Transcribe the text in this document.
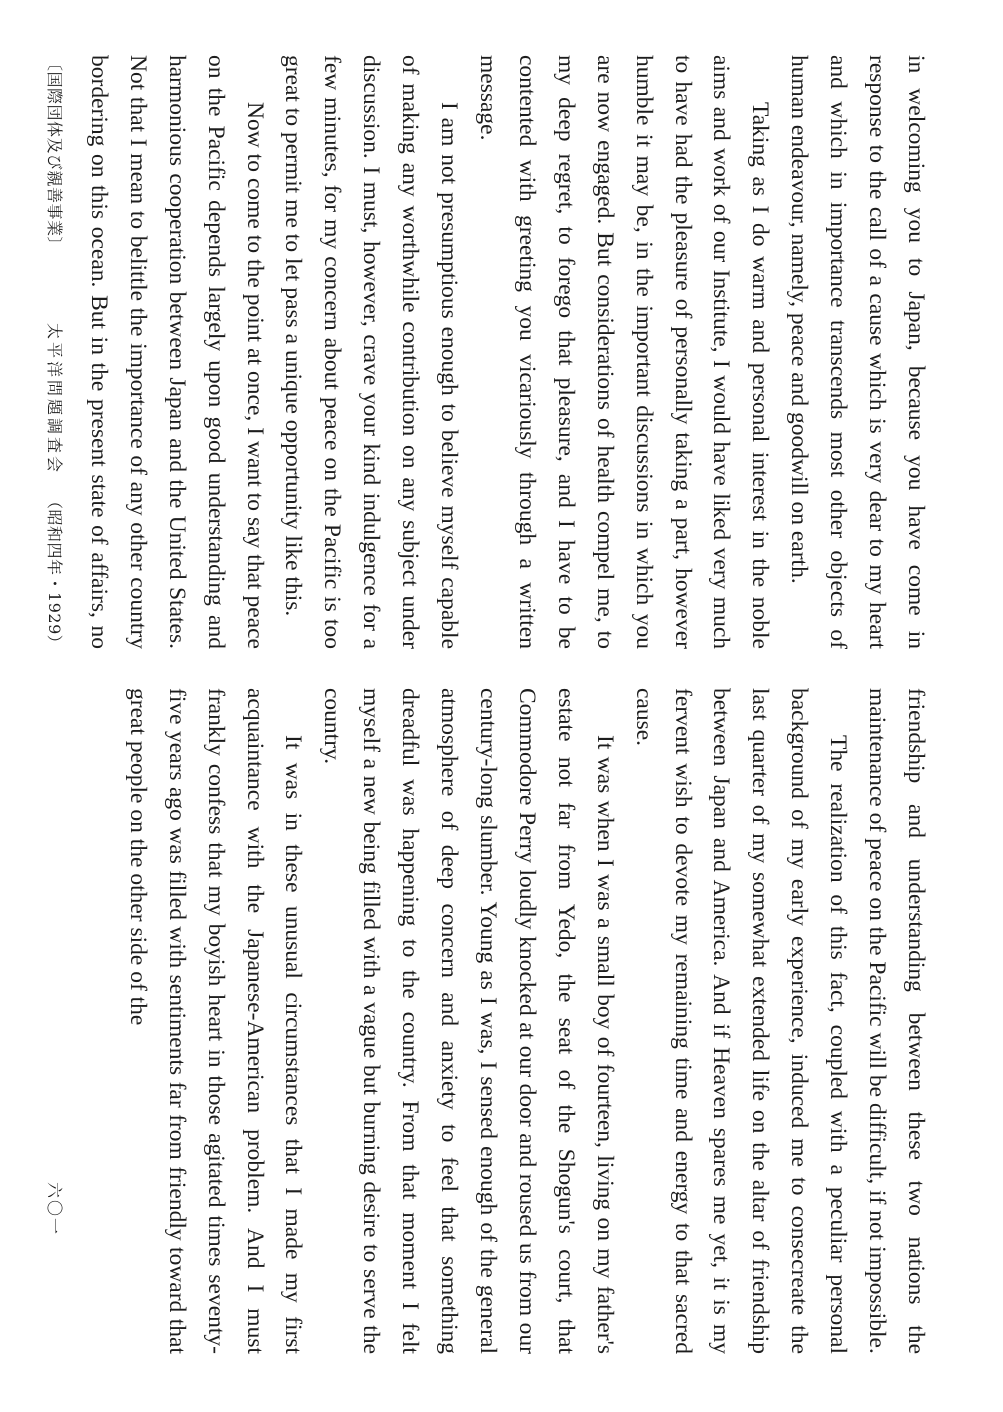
in welcoming you to Japan, because you have come in response to the call of a cause which is very dear to my heart and which in importance transcends most other objects of human endeavour, namely, peace and goodwill on earth.

Taking as I do warm and personal interest in the noble aims and work of our Institute, I would have liked very much to have had the pleasure of personally taking a part, however humble it may be, in the important discussions in which you are now engaged. But considerations of health compel me, to my deep regret, to forego that pleasure, and I have to be contented with greeting you vicariously through a written message.

I am not presumptious enough to believe myself capable of making any worthwhile contribution on any subject under discussion. I must, however, crave your kind indulgence for a few minutes, for my concern about peace on the Pacific is too great to permit me to let pass a unique opportunity like this.

Now to come to the point at once, I want to say that peace on the Pacific depends largely upon good understanding and harmonious cooperation between Japan and the United States. Not that I mean to belittle the importance of any other country bordering on this ocean. But in the present state of affairs, no

friendship and understanding between these two nations the maintenance of peace on the Pacific will be difficult, if not impossible.

The realization of this fact, coupled with a peculiar personal background of my early experience, induced me to consecreate the last quarter of my somewhat extended life on the altar of friendship between Japan and America. And if Heaven spares me yet, it is my fervent wish to devote my remaining time and energy to that sacred cause.

It was when I was a small boy of fourteen, living on my father's estate not far from Yedo, the seat of the Shogun's court, that Commodore Perry loudly knocked at our door and roused us from our century-long slumber. Young as I was, I sensed enough of the general atmosphere of deep concern and anxiety to feel that something dreadful was happening to the country. From that moment I felt myself a new being filled with a vague but burning desire to serve the country.

It was in these unusual circumstances that I made my first acquaintance with the Japanese-American problem. And I must frankly confess that my boyish heart in those agitated times seventy-five years ago was filled with sentiments far from friendly toward that great people on the other side of the

〔国際団体及び親善事業〕太平洋問題調査会（昭和四年・1929）
六〇一
